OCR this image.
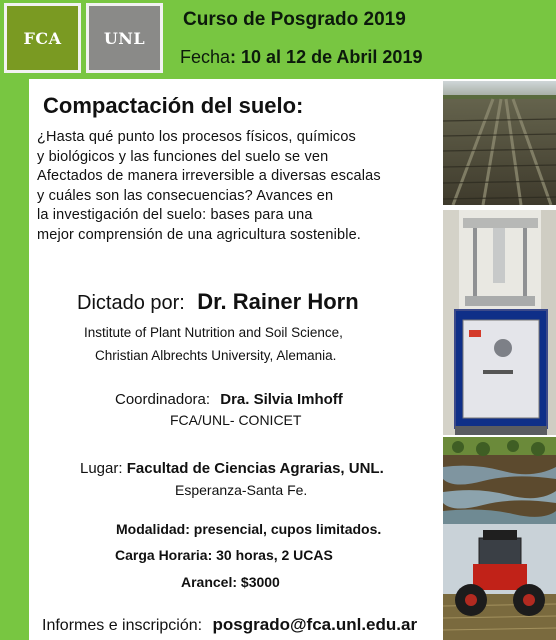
FCA	UNL
Curso de Posgrado 2019
Fecha: 10 al 12 de Abril 2019
Compactación del suelo:
¿Hasta qué punto los procesos físicos, químicos
y biológicos y las funciones del suelo se ven
Afectados de manera irreversible a diversas escalas
y cuáles son las consecuencias? Avances en
la investigación del suelo: bases para una
mejor comprensión de una agricultura sostenible.
Dictado por: Dr. Rainer Horn
Institute of Plant Nutrition and Soil Science,
Christian Albrechts University, Alemania.
Coordinadora: Dra. Silvia Imhoff
FCA/UNL- CONICET
Lugar: Facultad de Ciencias Agrarias, UNL.
Esperanza-Santa Fe.
Modalidad: presencial, cupos limitados.
Carga Horaria: 30 horas, 2 UCAS
Arancel: $3000
Informes e inscripción: posgrado@fca.unl.edu.ar
